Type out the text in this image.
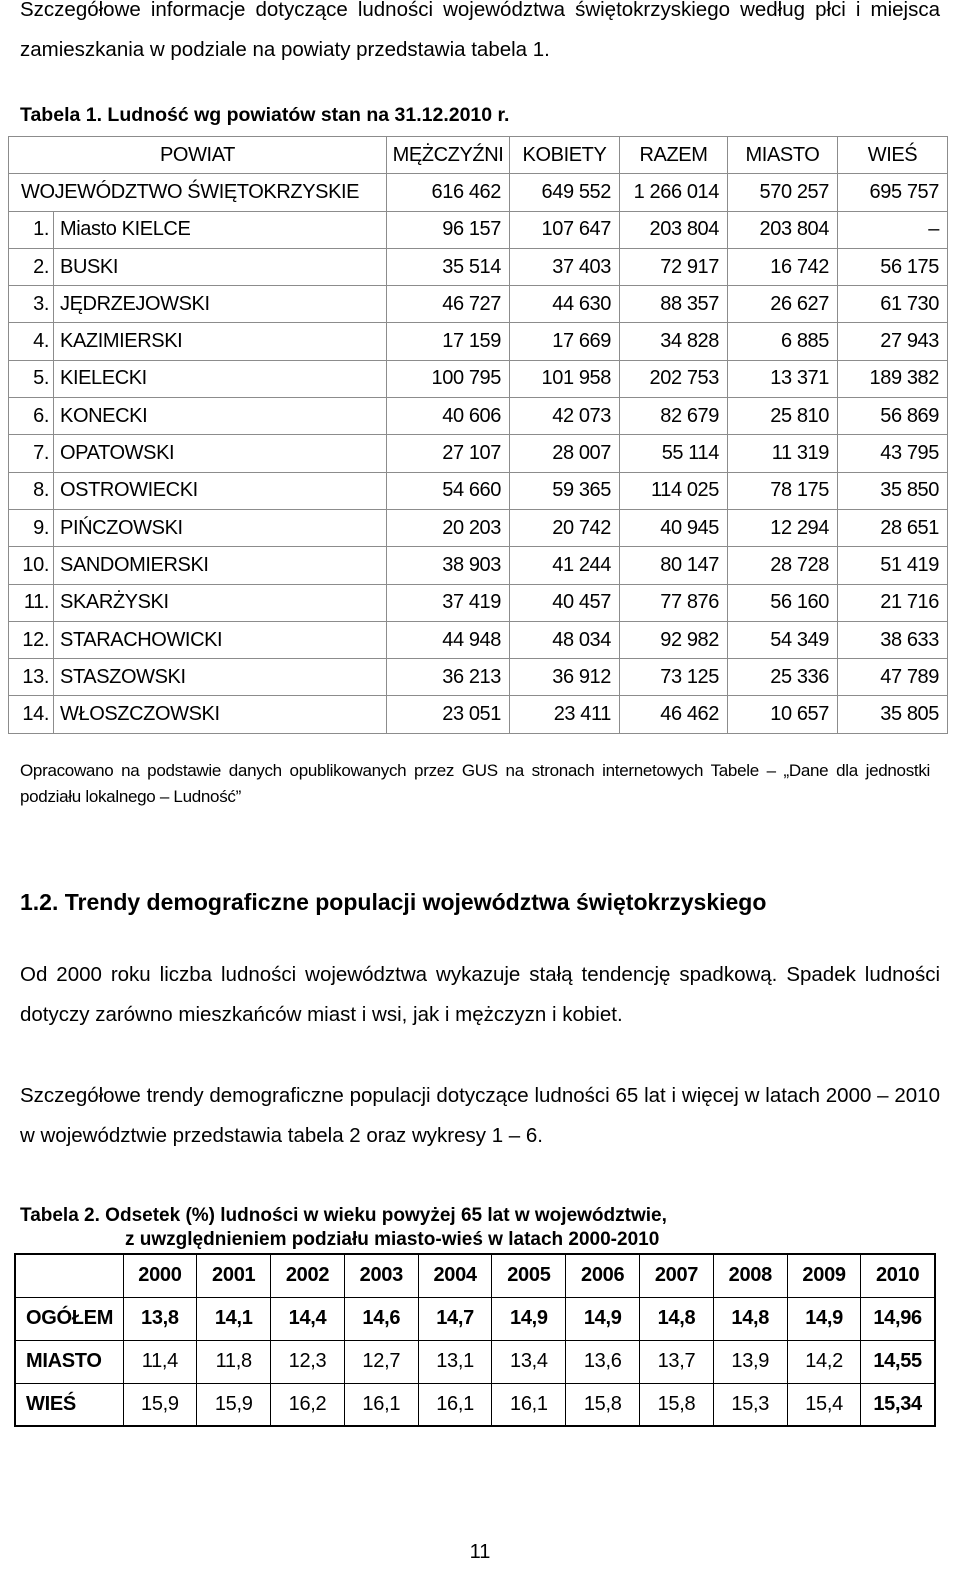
Szczegółowe informacje dotyczące ludności województwa świętokrzyskiego według płci i miejsca zamieszkania w podziale na powiaty przedstawia tabela 1.
Tabela 1. Ludność wg powiatów stan na 31.12.2010 r.
POWIAT		MĘŻCZYŹNI	KOBIETY	RAZEM	MIASTO	WIEŚ
WOJEWÓDZTWO ŚWIĘTOKRZYSKIE		616 462	649 552	1 266 014	570 257	695 757
1.	Miasto KIELCE	96 157	107 647	203 804	203 804	–
2.	BUSKI	35 514	37 403	72 917	16 742	56 175
3.	JĘDRZEJOWSKI	46 727	44 630	88 357	26 627	61 730
4.	KAZIMIERSKI	17 159	17 669	34 828	6 885	27 943
5.	KIELECKI	100 795	101 958	202 753	13 371	189 382
6.	KONECKI	40 606	42 073	82 679	25 810	56 869
7.	OPATOWSKI	27 107	28 007	55 114	11 319	43 795
8.	OSTROWIECKI	54 660	59 365	114 025	78 175	35 850
9.	PIŃCZOWSKI	20 203	20 742	40 945	12 294	28 651
10.	SANDOMIERSKI	38 903	41 244	80 147	28 728	51 419
11.	SKARŻYSKI	37 419	40 457	77 876	56 160	21 716
12.	STARACHOWICKI	44 948	48 034	92 982	54 349	38 633
13.	STASZOWSKI	36 213	36 912	73 125	25 336	47 789
14.	WŁOSZCZOWSKI	23 051	23 411	46 462	10 657	35 805
Opracowano na podstawie danych opublikowanych przez GUS na stronach internetowych Tabele – „Dane dla jednostki podziału lokalnego – Ludność”
1.2. Trendy demograficzne populacji województwa świętokrzyskiego
Od 2000 roku liczba ludności województwa wykazuje stałą tendencję spadkową. Spadek ludności dotyczy zarówno mieszkańców miast i wsi, jak i mężczyzn i kobiet.
Szczegółowe trendy demograficzne populacji dotyczące ludności 65 lat i więcej w latach 2000 – 2010 w województwie przedstawia tabela 2 oraz wykresy 1 – 6.
Tabela 2. Odsetek (%) ludności w wieku powyżej 65 lat w województwie,
z uwzględnieniem podziału miasto-wieś w latach 2000-2010
	2000	2001	2002	2003	2004	2005	2006	2007	2008	2009	2010
OGÓŁEM	13,8	14,1	14,4	14,6	14,7	14,9	14,9	14,8	14,8	14,9	14,96
MIASTO	11,4	11,8	12,3	12,7	13,1	13,4	13,6	13,7	13,9	14,2	14,55
WIEŚ	15,9	15,9	16,2	16,1	16,1	16,1	15,8	15,8	15,3	15,4	15,34
11
